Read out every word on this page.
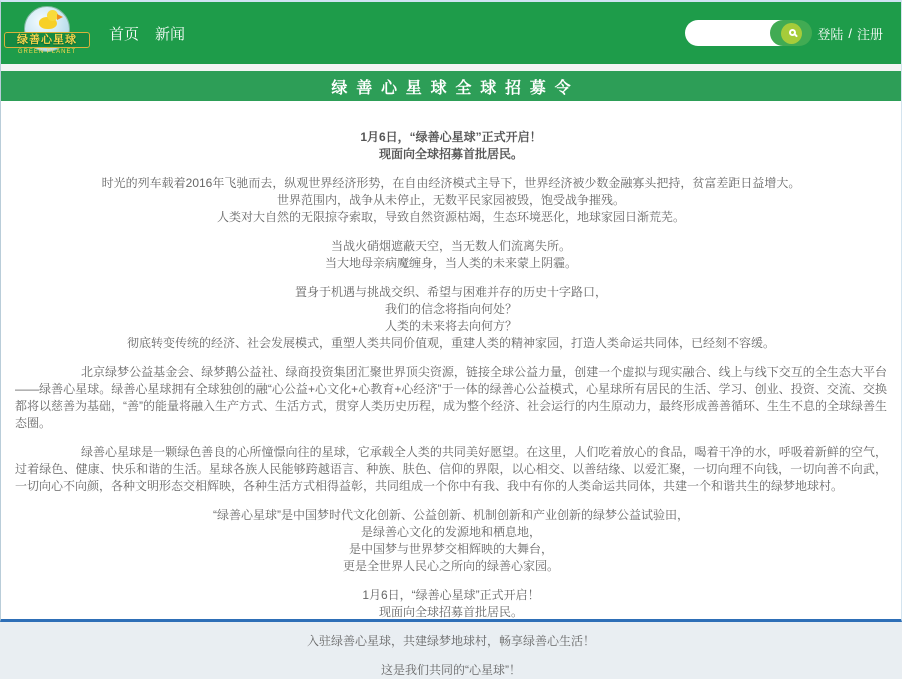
绿善心星球
GREEN PLANET
首页 新闻	登陆 / 注册
绿善心星球全球招募令

1月6日，“绿善心星球”正式开启！

现面向全球招募首批居民。

时光的列车载着2016年飞驰而去，纵观世界经济形势，在自由经济模式主导下，世界经济被少数金融寡头把持，贫富差距日益增大。

世界范围内，战争从未停止，无数平民家园被毁，饱受战争摧残。

人类对大自然的无限掠夺索取，导致自然资源枯竭，生态环境恶化，地球家园日渐荒芜。

当战火硝烟遮蔽天空，当无数人们流离失所。

当大地母亲病魔缠身，当人类的未来蒙上阴霾。

置身于机遇与挑战交织、希望与困难并存的历史十字路口，

我们的信念将指向何处？

人类的未来将去向何方？

彻底转变传统的经济、社会发展模式，重塑人类共同价值观，重建人类的精神家园，打造人类命运共同体，已经刻不容缓。

北京绿梦公益基金会、绿梦鹅公益社、绿商投资集团汇聚世界顶尖资源，链接全球公益力量，创建一个虚拟与现实融合、线上与线下交互的全生态大平台——绿善心星球。绿善心星球拥有全球独创的融“心公益+心文化+心教育+心经济”于一体的绿善心公益模式，心星球所有居民的生活、学习、创业、投资、交流、交换都将以慈善为基础，“善”的能量将融入生产方式、生活方式，贯穿人类历史历程，成为整个经济、社会运行的内生原动力，最终形成善善循环、生生不息的全球绿善生态圈。

绿善心星球是一颗绿色善良的心所憧憬向往的星球，它承载全人类的共同美好愿望。在这里，人们吃着放心的食品，喝着干净的水，呼吸着新鲜的空气，过着绿色、健康、快乐和谐的生活。星球各族人民能够跨越语言、种族、肤色、信仰的界限，以心相交、以善结缘、以爱汇聚，一切向理不向钱，一切向善不向武，一切向心不向颜，各种文明形态交相辉映，各种生活方式相得益彰，共同组成一个你中有我、我中有你的人类命运共同体，共建一个和谐共生的绿梦地球村。

“绿善心星球”是中国梦时代文化创新、公益创新、机制创新和产业创新的绿梦公益试验田，

是绿善心文化的发源地和栖息地，

是中国梦与世界梦交相辉映的大舞台，

更是全世界人民心之所向的绿善心家园。

1月6日，“绿善心星球”正式开启！

现面向全球招募首批居民。

入驻绿善心星球，共建绿梦地球村，畅享绿善心生活！

这是我们共同的“心星球”！
